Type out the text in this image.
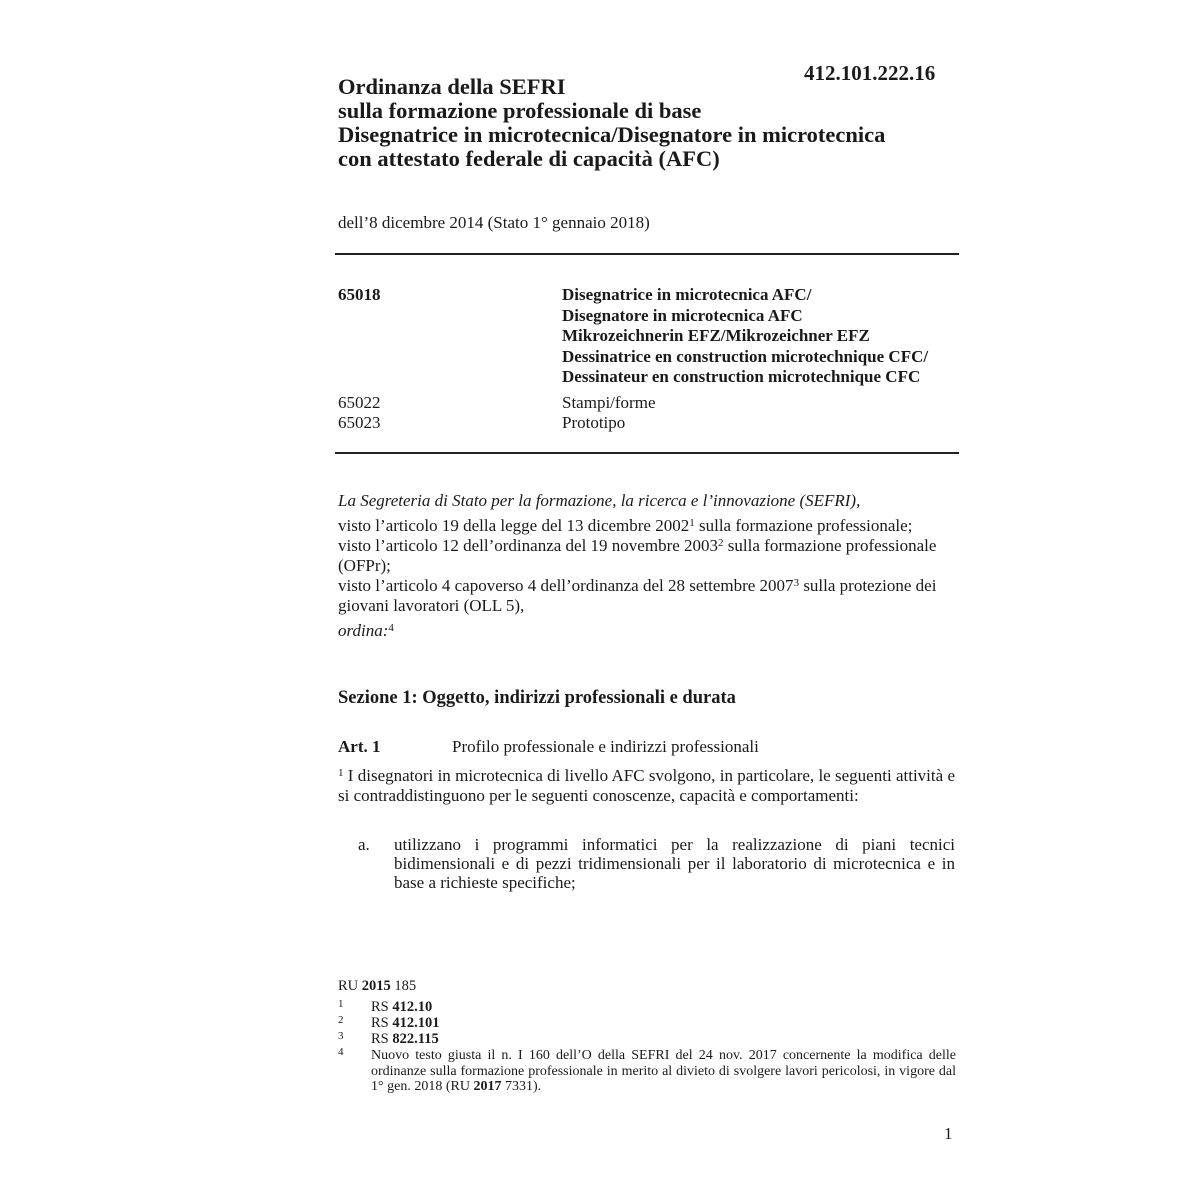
412.101.222.16
Ordinanza della SEFRI
sulla formazione professionale di base
Disegnatrice in microtecnica/Disegnatore in microtecnica
con attestato federale di capacità (AFC)
dell’8 dicembre 2014 (Stato 1° gennaio 2018)
65018	Disegnatrice in microtecnica AFC/
Disegnatore in microtecnica AFC
Mikrozeichnerin EFZ/Mikrozeichner EFZ
Dessinatrice en construction microtechnique CFC/
Dessinateur en construction microtechnique CFC
65022	Stampi/forme
65023	Prototipo

La Segreteria di Stato per la formazione, la ricerca e l’innovazione (SEFRI),

visto l’articolo 19 della legge del 13 dicembre 2002$^1$ sulla formazione professionale;

visto l’articolo 12 dell’ordinanza del 19 novembre 2003$^2$ sulla formazione professionale (OFPr);

visto l’articolo 4 capoverso 4 dell’ordinanza del 28 settembre 2007$^3$ sulla protezione dei giovani lavoratori (OLL 5),

ordina:$^4$

Sezione 1: Oggetto, indirizzi professionali e durata
Art. 1	Profilo professionale e indirizzi professionali
$^1$ I disegnatori in microtecnica di livello AFC svolgono, in particolare, le seguenti attività e si contraddistinguono per le seguenti conoscenze, capacità e comportamenti:
a. utilizzano i programmi informatici per la realizzazione di piani tecnici bidimensionali e di pezzi tridimensionali per il laboratorio di microtecnica e in base a richieste specifiche;
RU 2015 185
1 RS 412.10
2 RS 412.101
3 RS 822.115
4 Nuovo testo giusta il n. I 160 dell’O della SEFRI del 24 nov. 2017 concernente la modifica delle ordinanze sulla formazione professionale in merito al divieto di svolgere lavori pericolosi, in vigore dal 1° gen. 2018 (RU 2017 7331).
1
